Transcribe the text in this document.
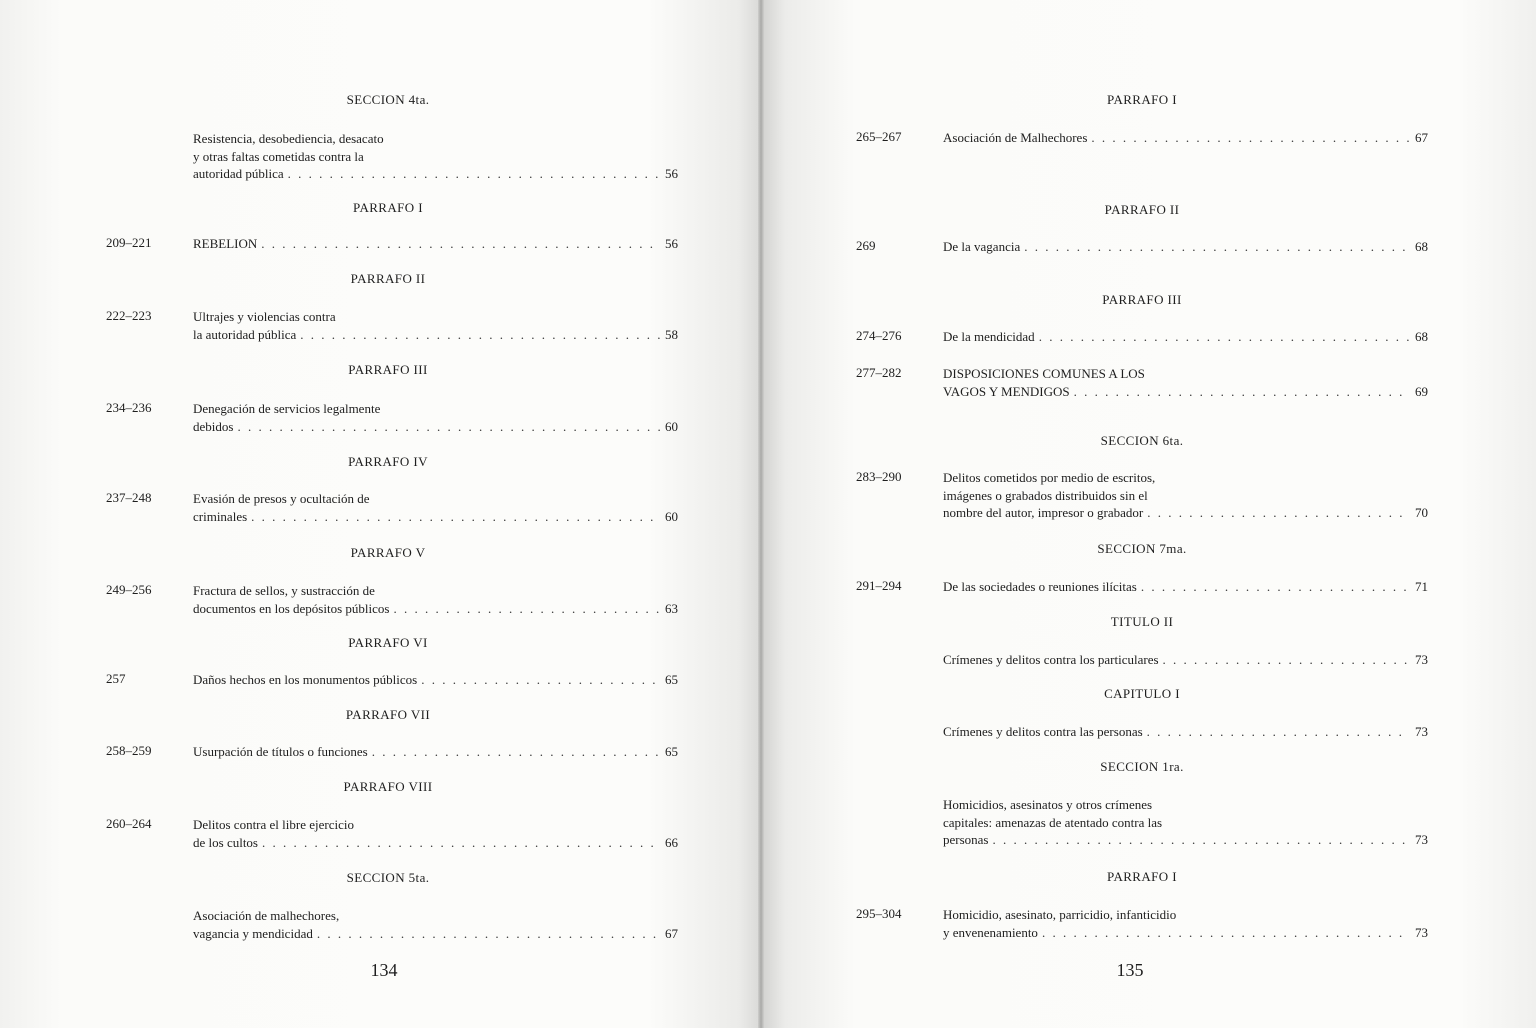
SECCION 4ta.
Resistencia, desobediencia, desacato
y otras faltas cometidas contra la
autoridad pública . . .	56
PARRAFO I
209–221	REBELION . . .	56
PARRAFO II
222–223	Ultrajes y violencias contra
la autoridad pública . . .	58
PARRAFO III
234–236	Denegación de servicios legalmente
debidos . . .	60
PARRAFO IV
237–248	Evasión de presos y ocultación de
criminales . . .	60
PARRAFO V
249–256	Fractura de sellos, y sustracción de
documentos en los depósitos públicos . . .	63
PARRAFO VI
257	Daños hechos en los monumentos públicos . . .	65
PARRAFO VII
258–259	Usurpación de títulos o funciones . . .	65
PARRAFO VIII
260–264	Delitos contra el libre ejercicio
de los cultos . . .	66
SECCION 5ta.
Asociación de malhechores,
vagancia y mendicidad . . .	67
134
PARRAFO I
265–267	Asociación de Malhechores . . .	67
PARRAFO II
269	De la vagancia . . .	68
PARRAFO III
274–276	De la mendicidad . . .	68
277–282	DISPOSICIONES COMUNES A LOS
VAGOS Y MENDIGOS . . .	69
SECCION 6ta.
283–290	Delitos cometidos por medio de escritos,
imágenes o grabados distribuidos sin el
nombre del autor, impresor o grabador . . .	70
SECCION 7ma.
291–294	De las sociedades o reuniones ilícitas . . .	71
TITULO II
Crímenes y delitos contra los particulares . . .	73
CAPITULO I
Crímenes y delitos contra las personas . . .	73
SECCION 1ra.
Homicidios, asesinatos y otros crímenes
capitales: amenazas de atentado contra las
personas . . .	73
PARRAFO I
295–304	Homicidio, asesinato, parricidio, infanticidio
y envenenamiento . . .	73
135
